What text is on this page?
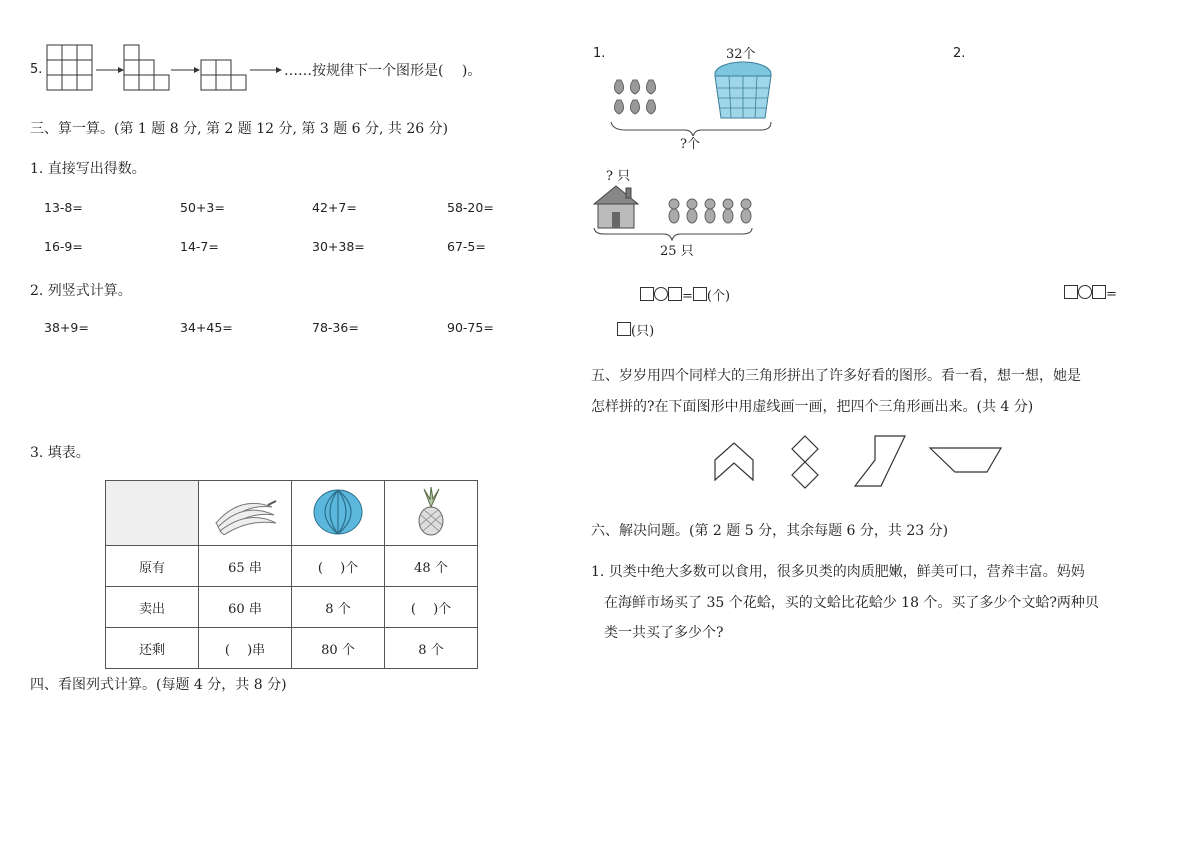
5.	……按规律下一个图形是(　 )。
三、算一算。(第 1 题 8 分, 第 2 题 12 分, 第 3 题 6 分, 共 26 分)
1. 直接写出得数。
13-8=	50+3=	42+7=	58-20=
16-9=	14-7=	30+38=	67-5=
2. 列竖式计算。
38+9=	34+45=	78-36=	90-75=
3. 填表。

原有	65 串	(　 )个	48 个
卖出	60 串	8 个	(　 )个
还剩	(　 )串	80 个	8 个
四、看图列式计算。(每题 4 分，共 8 分)
1.	32个	2.
?个
? 只
25 只
= (个)	=
(只)
五、岁岁用四个同样大的三角形拼出了许多好看的图形。看一看，想一想，她是
怎样拼的?在下面图形中用虚线画一画，把四个三角形画出来。(共 4 分)
六、解决问题。(第 2 题 5 分，其余每题 6 分，共 23 分)
1. 贝类中绝大多数可以食用，很多贝类的肉质肥嫩，鲜美可口，营养丰富。妈妈
在海鲜市场买了 35 个花蛤，买的文蛤比花蛤少 18 个。买了多少个文蛤?两种贝
类一共买了多少个?
